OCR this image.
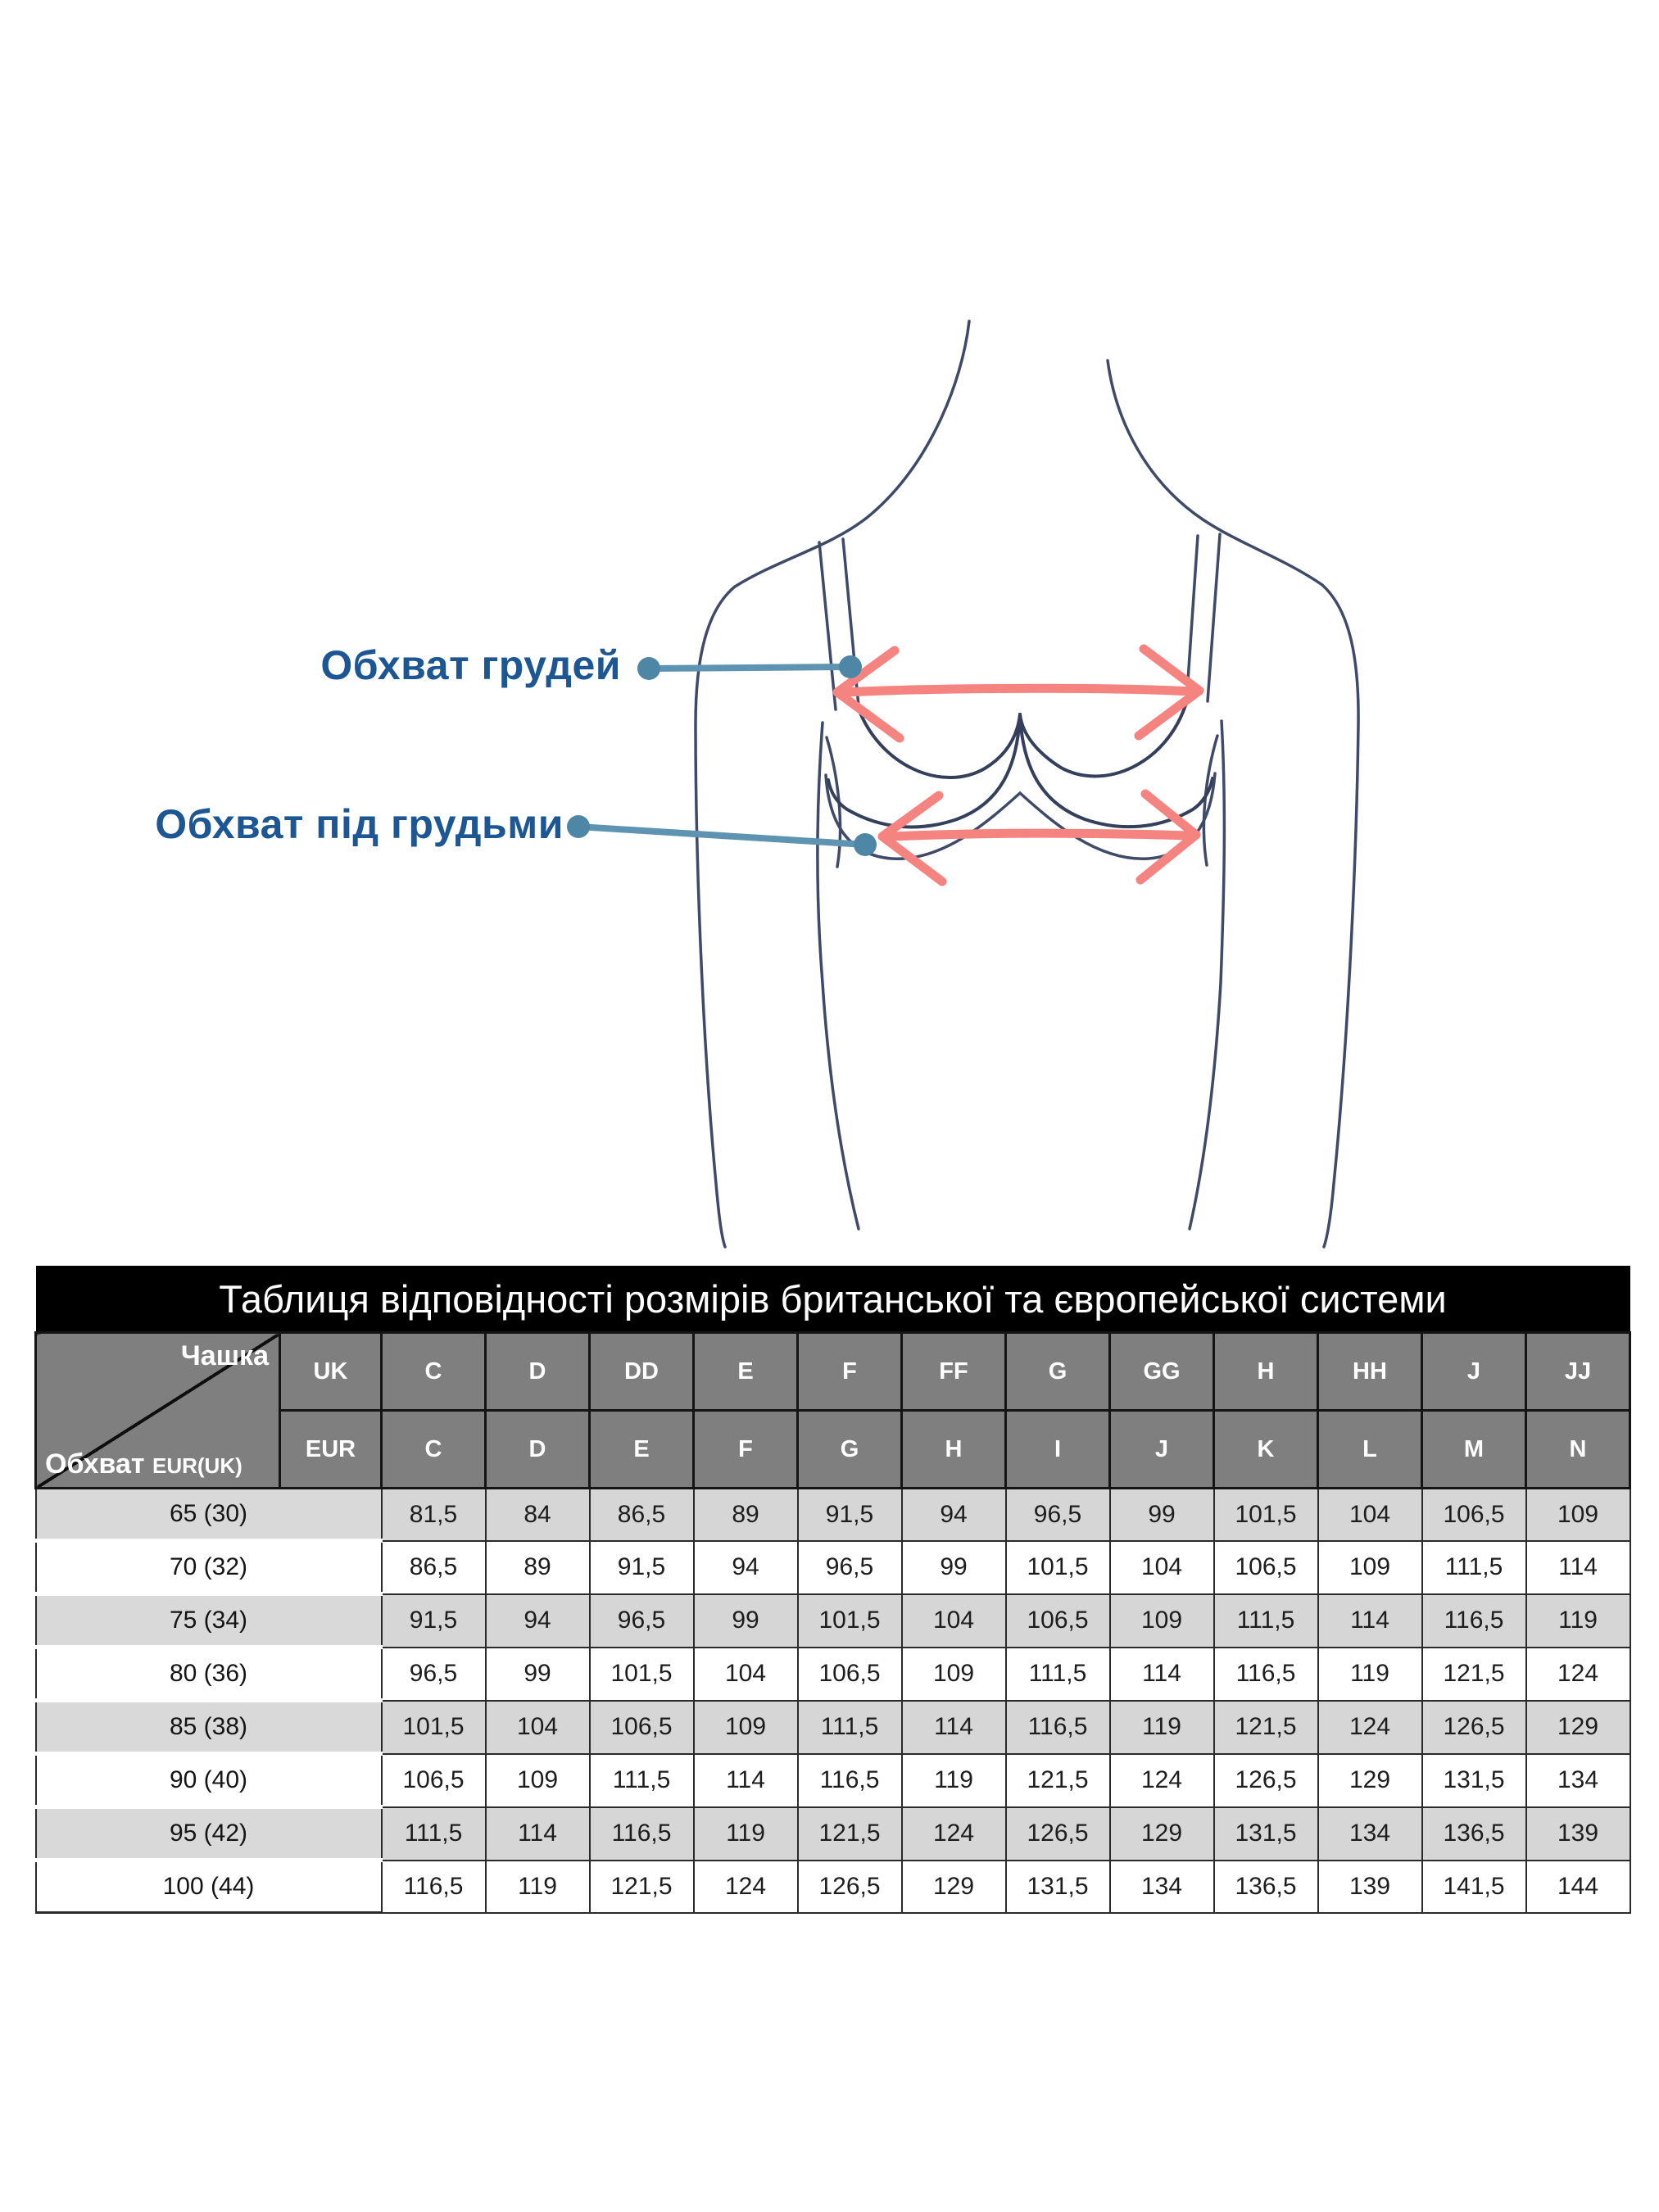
Обхват грудей
Обхват під грудьми
Таблиця відповідності розмірів британської та європейської системи													

Чашка
Обхват EUR(UK)	UK	C	D	DD	E	F	FF	G	GG	H	HH	J	JJ
	EUR	C	D	E	F	G	H	I	J	K	L	M	N
65 (30)		81,5	84	86,5	89	91,5	94	96,5	99	101,5	104	106,5	109
70 (32)		86,5	89	91,5	94	96,5	99	101,5	104	106,5	109	111,5	114
75 (34)		91,5	94	96,5	99	101,5	104	106,5	109	111,5	114	116,5	119
80 (36)		96,5	99	101,5	104	106,5	109	111,5	114	116,5	119	121,5	124
85 (38)		101,5	104	106,5	109	111,5	114	116,5	119	121,5	124	126,5	129
90 (40)		106,5	109	111,5	114	116,5	119	121,5	124	126,5	129	131,5	134
95 (42)		111,5	114	116,5	119	121,5	124	126,5	129	131,5	134	136,5	139
100 (44)		116,5	119	121,5	124	126,5	129	131,5	134	136,5	139	141,5	144
